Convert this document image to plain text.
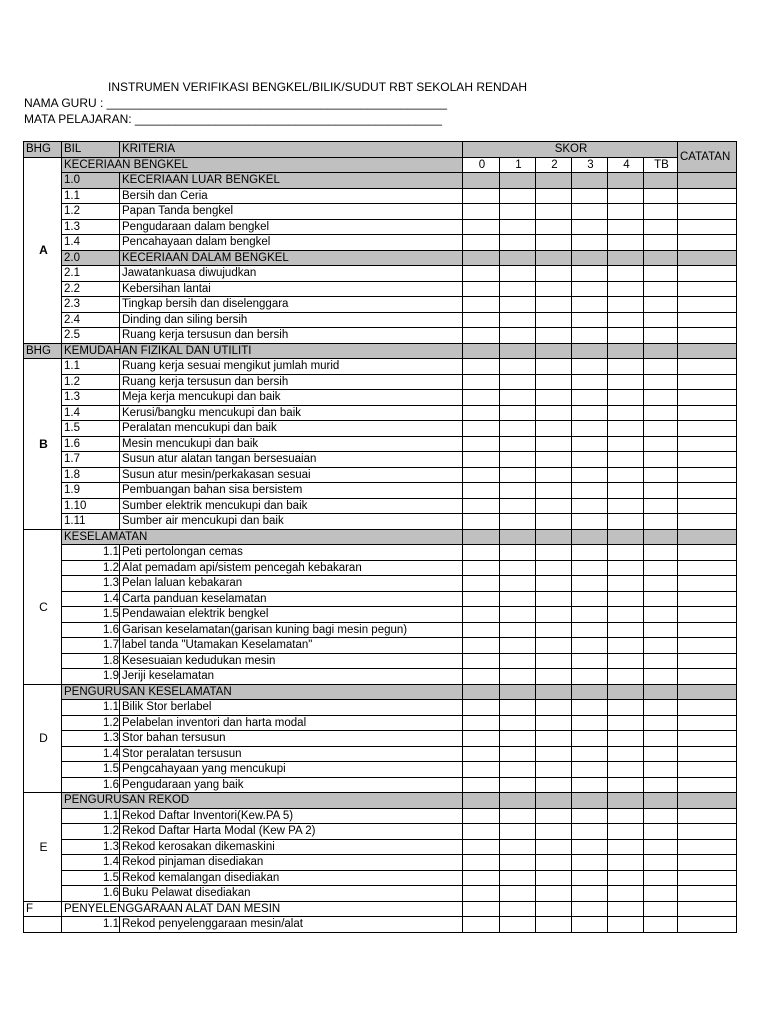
INSTRUMEN VERIFIKASI BENGKEL/BILIK/SUDUT RBT SEKOLAH RENDAH
NAMA GURU : ___________________________________________________
MATA PELAJARAN: ______________________________________________
BHG	BIL	KRITERIA	SKOR						CATATAN
A	KECERIAAN BENGKEL		0	1	2	3	4	TB	
	1.0	KECERIAAN LUAR BENGKEL							
	1.1	Bersih dan Ceria							
	1.2	Papan Tanda bengkel							
	1.3	Pengudaraan dalam bengkel							
	1.4	Pencahayaan dalam bengkel							
	2.0	KECERIAAN DALAM BENGKEL							
	2.1	Jawatankuasa diwujudkan							
	2.2	Kebersihan lantai							
	2.3	Tingkap bersih dan diselenggara							
	2.4	Dinding dan siling bersih							
	2.5	Ruang kerja tersusun dan bersih							
BHG	KEMUDAHAN FIZIKAL DAN UTILITI								
B	1.1	Ruang kerja sesuai mengikut jumlah murid							
	1.2	Ruang kerja tersusun dan bersih							
	1.3	Meja kerja mencukupi dan baik							
	1.4	Kerusi/bangku mencukupi dan baik							
	1.5	Peralatan mencukupi dan baik							
	1.6	Mesin mencukupi dan baik							
	1.7	Susun atur alatan tangan bersesuaian							
	1.8	Susun atur mesin/perkakasan sesuai							
	1.9	Pembuangan bahan sisa bersistem							
	1.10	Sumber elektrik mencukupi dan baik							
	1.11	Sumber air mencukupi dan baik							
C	KESELAMATAN								
	1.1	Peti pertolongan cemas							
	1.2	Alat pemadam api/sistem pencegah kebakaran							
	1.3	Pelan laluan kebakaran							
	1.4	Carta panduan keselamatan							
	1.5	Pendawaian elektrik bengkel							
	1.6	Garisan keselamatan(garisan kuning bagi mesin pegun)							
	1.7	label tanda "Utamakan Keselamatan"							
	1.8	Kesesuaian kedudukan mesin							
	1.9	Jeriji keselamatan							
D	PENGURUSAN KESELAMATAN								
	1.1	Bilik Stor berlabel							
	1.2	Pelabelan inventori dan harta modal							
	1.3	Stor bahan tersusun							
	1.4	Stor peralatan tersusun							
	1.5	Pengcahayaan yang mencukupi							
	1.6	Pengudaraan yang baik							
E	PENGURUSAN REKOD								
	1.1	Rekod Daftar Inventori(Kew.PA 5)							
	1.2	Rekod Daftar Harta Modal (Kew PA 2)							
	1.3	Rekod kerosakan dikemaskini							
	1.4	Rekod pinjaman disediakan							
	1.5	Rekod kemalangan disediakan							
	1.6	Buku Pelawat disediakan							
F	PENYELENGGARAAN ALAT DAN MESIN								
	1.1	Rekod penyelenggaraan mesin/alat							
